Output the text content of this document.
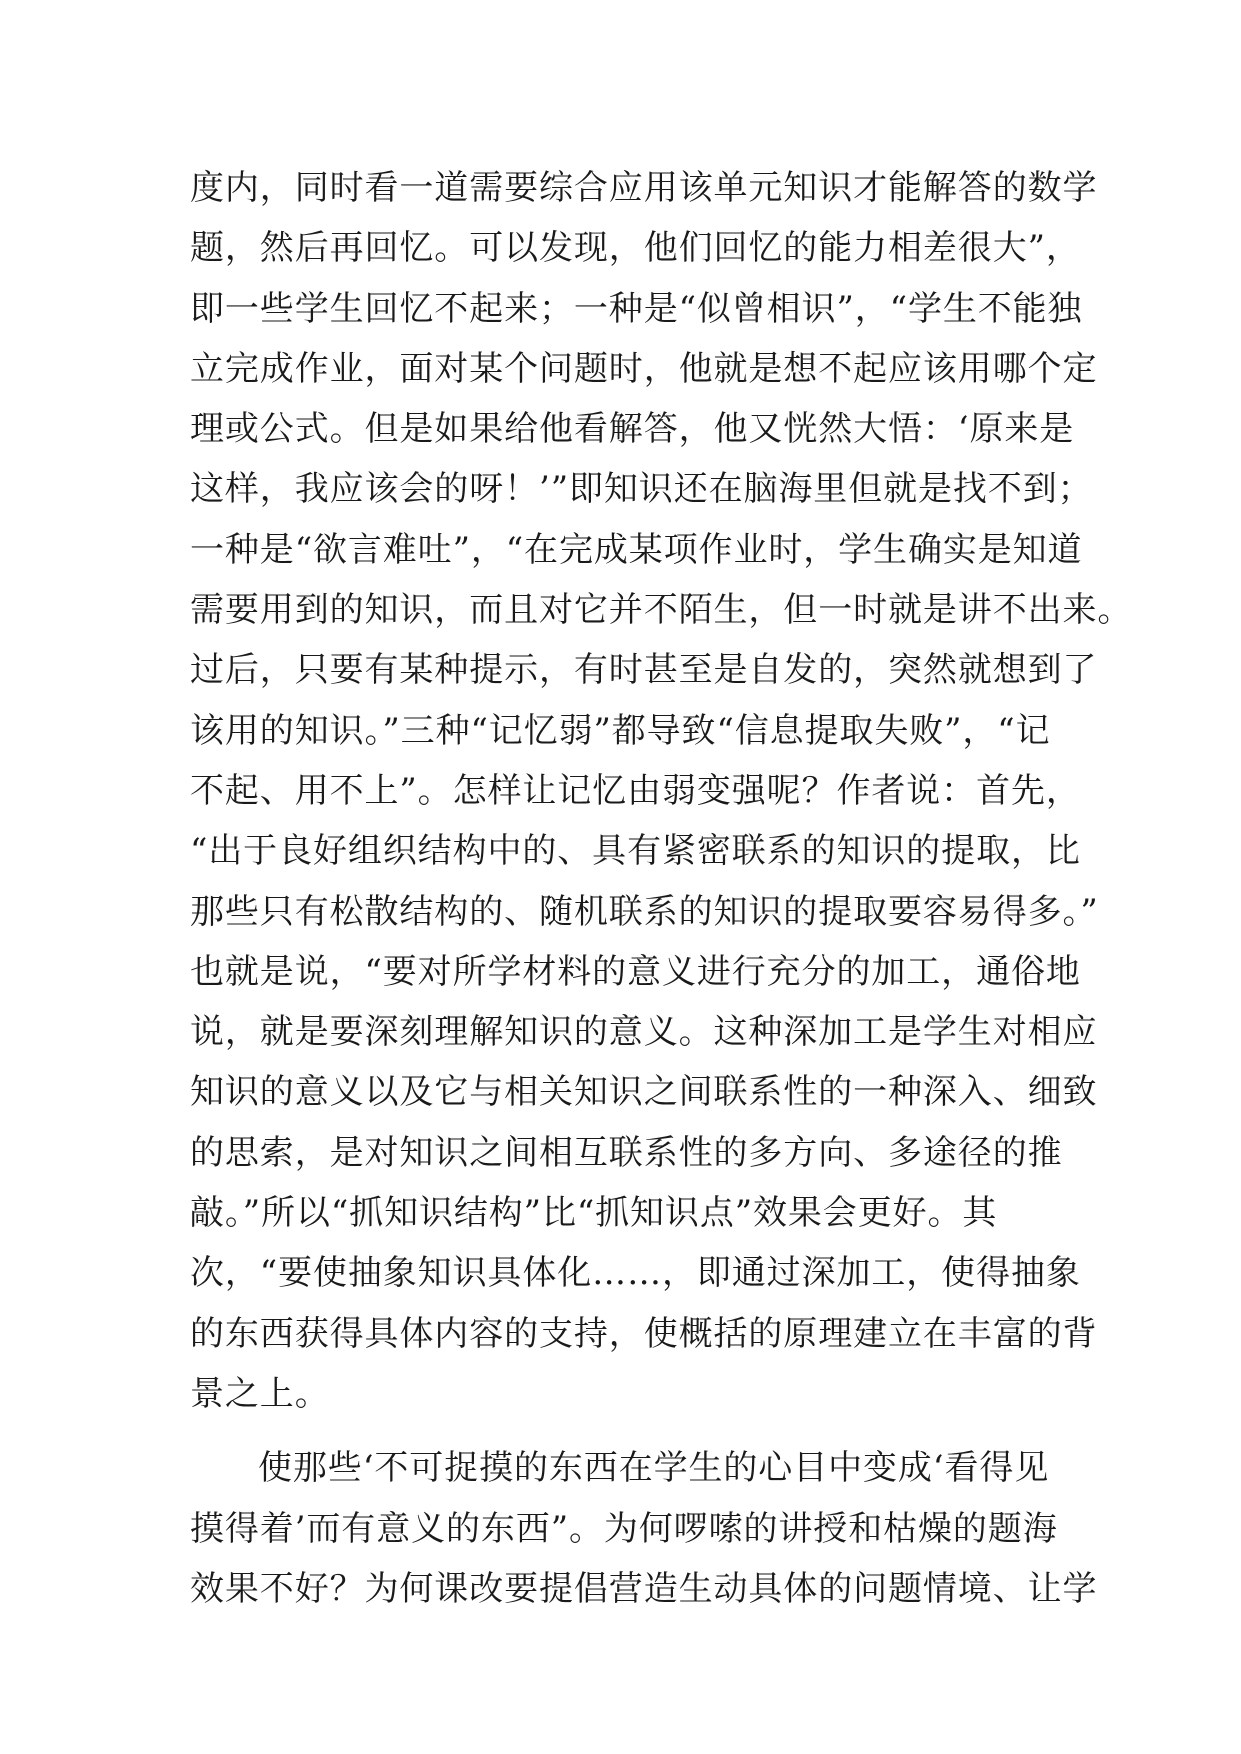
度内，同时看一道需要综合应用该单元知识才能解答的数学
题，然后再回忆。可以发现，他们回忆的能力相差很大”，
即一些学生回忆不起来；一种是“似曾相识”，“学生不能独
立完成作业，面对某个问题时，他就是想不起应该用哪个定
理或公式。但是如果给他看解答，他又恍然大悟：‘原来是
这样，我应该会的呀！’”即知识还在脑海里但就是找不到；
一种是“欲言难吐”，“在完成某项作业时，学生确实是知道
需要用到的知识，而且对它并不陌生，但一时就是讲不出来。
过后，只要有某种提示，有时甚至是自发的，突然就想到了
该用的知识。”三种“记忆弱”都导致“信息提取失败”，“记
不起、用不上”。怎样让记忆由弱变强呢？作者说：首先，
“出于良好组织结构中的、具有紧密联系的知识的提取，比
那些只有松散结构的、随机联系的知识的提取要容易得多。”
也就是说，“要对所学材料的意义进行充分的加工，通俗地
说，就是要深刻理解知识的意义。这种深加工是学生对相应
知识的意义以及它与相关知识之间联系性的一种深入、细致
的思索，是对知识之间相互联系性的多方向、多途径的推
敲。”所以“抓知识结构”比“抓知识点”效果会更好。其
次，“要使抽象知识具体化……，即通过深加工，使得抽象
的东西获得具体内容的支持，使概括的原理建立在丰富的背
景之上。
使那些‘不可捉摸的东西在学生的心目中变成‘看得见
摸得着’而有意义的东西”。为何啰嗦的讲授和枯燥的题海
效果不好？为何课改要提倡营造生动具体的问题情境、让学
